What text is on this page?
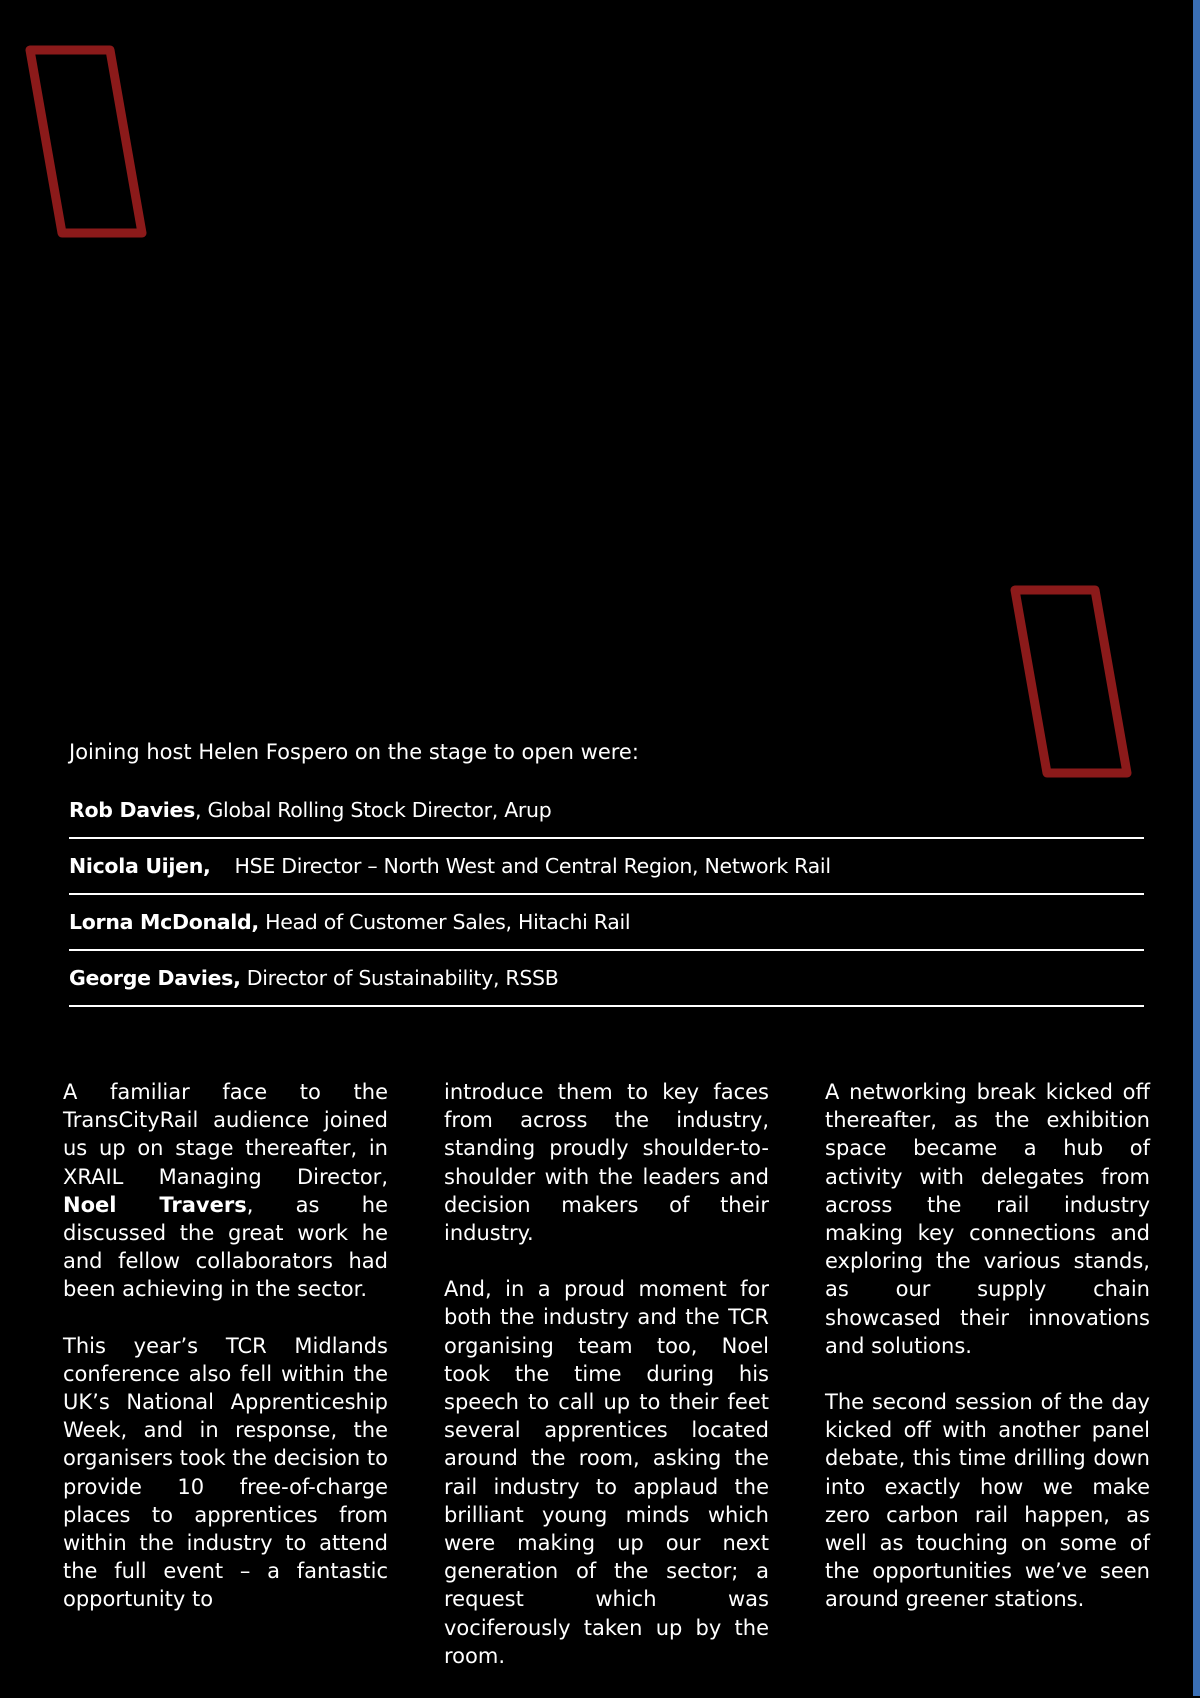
Joining host Helen Fospero on the stage to open were:

Rob Davies, Global Rolling Stock Director, Arup
Nicola Uijen, HSE Director – North West and Central Region, Network Rail
Lorna McDonald, Head of Customer Sales, Hitachi Rail
George Davies, Director of Sustainability, RSSB

A familiar face to the TransCityRail audience joined us up on stage thereafter, in XRAIL Managing Director, Noel Travers, as he discussed the great work he and fellow collaborators had been achieving in the sector.

This year’s TCR Midlands conference also fell within the UK’s National Apprenticeship Week, and in response, the organisers took the decision to provide 10 free-of-charge places to apprentices from within the industry to attend the full event – a fantastic opportunity to

introduce them to key faces from across the industry, standing proudly shoulder-to-shoulder with the leaders and decision makers of their industry.

And, in a proud moment for both the industry and the TCR organising team too, Noel took the time during his speech to call up to their feet several apprentices located around the room, asking the rail industry to applaud the brilliant young minds which were making up our next generation of the sector; a request which was vociferously taken up by the room.

A networking break kicked off thereafter, as the exhibition space became a hub of activity with delegates from across the rail industry making key connections and exploring the various stands, as our supply chain showcased their innovations and solutions.

The second session of the day kicked off with another panel debate, this time drilling down into exactly how we make zero carbon rail happen, as well as touching on some of the opportunities we’ve seen around greener stations.
